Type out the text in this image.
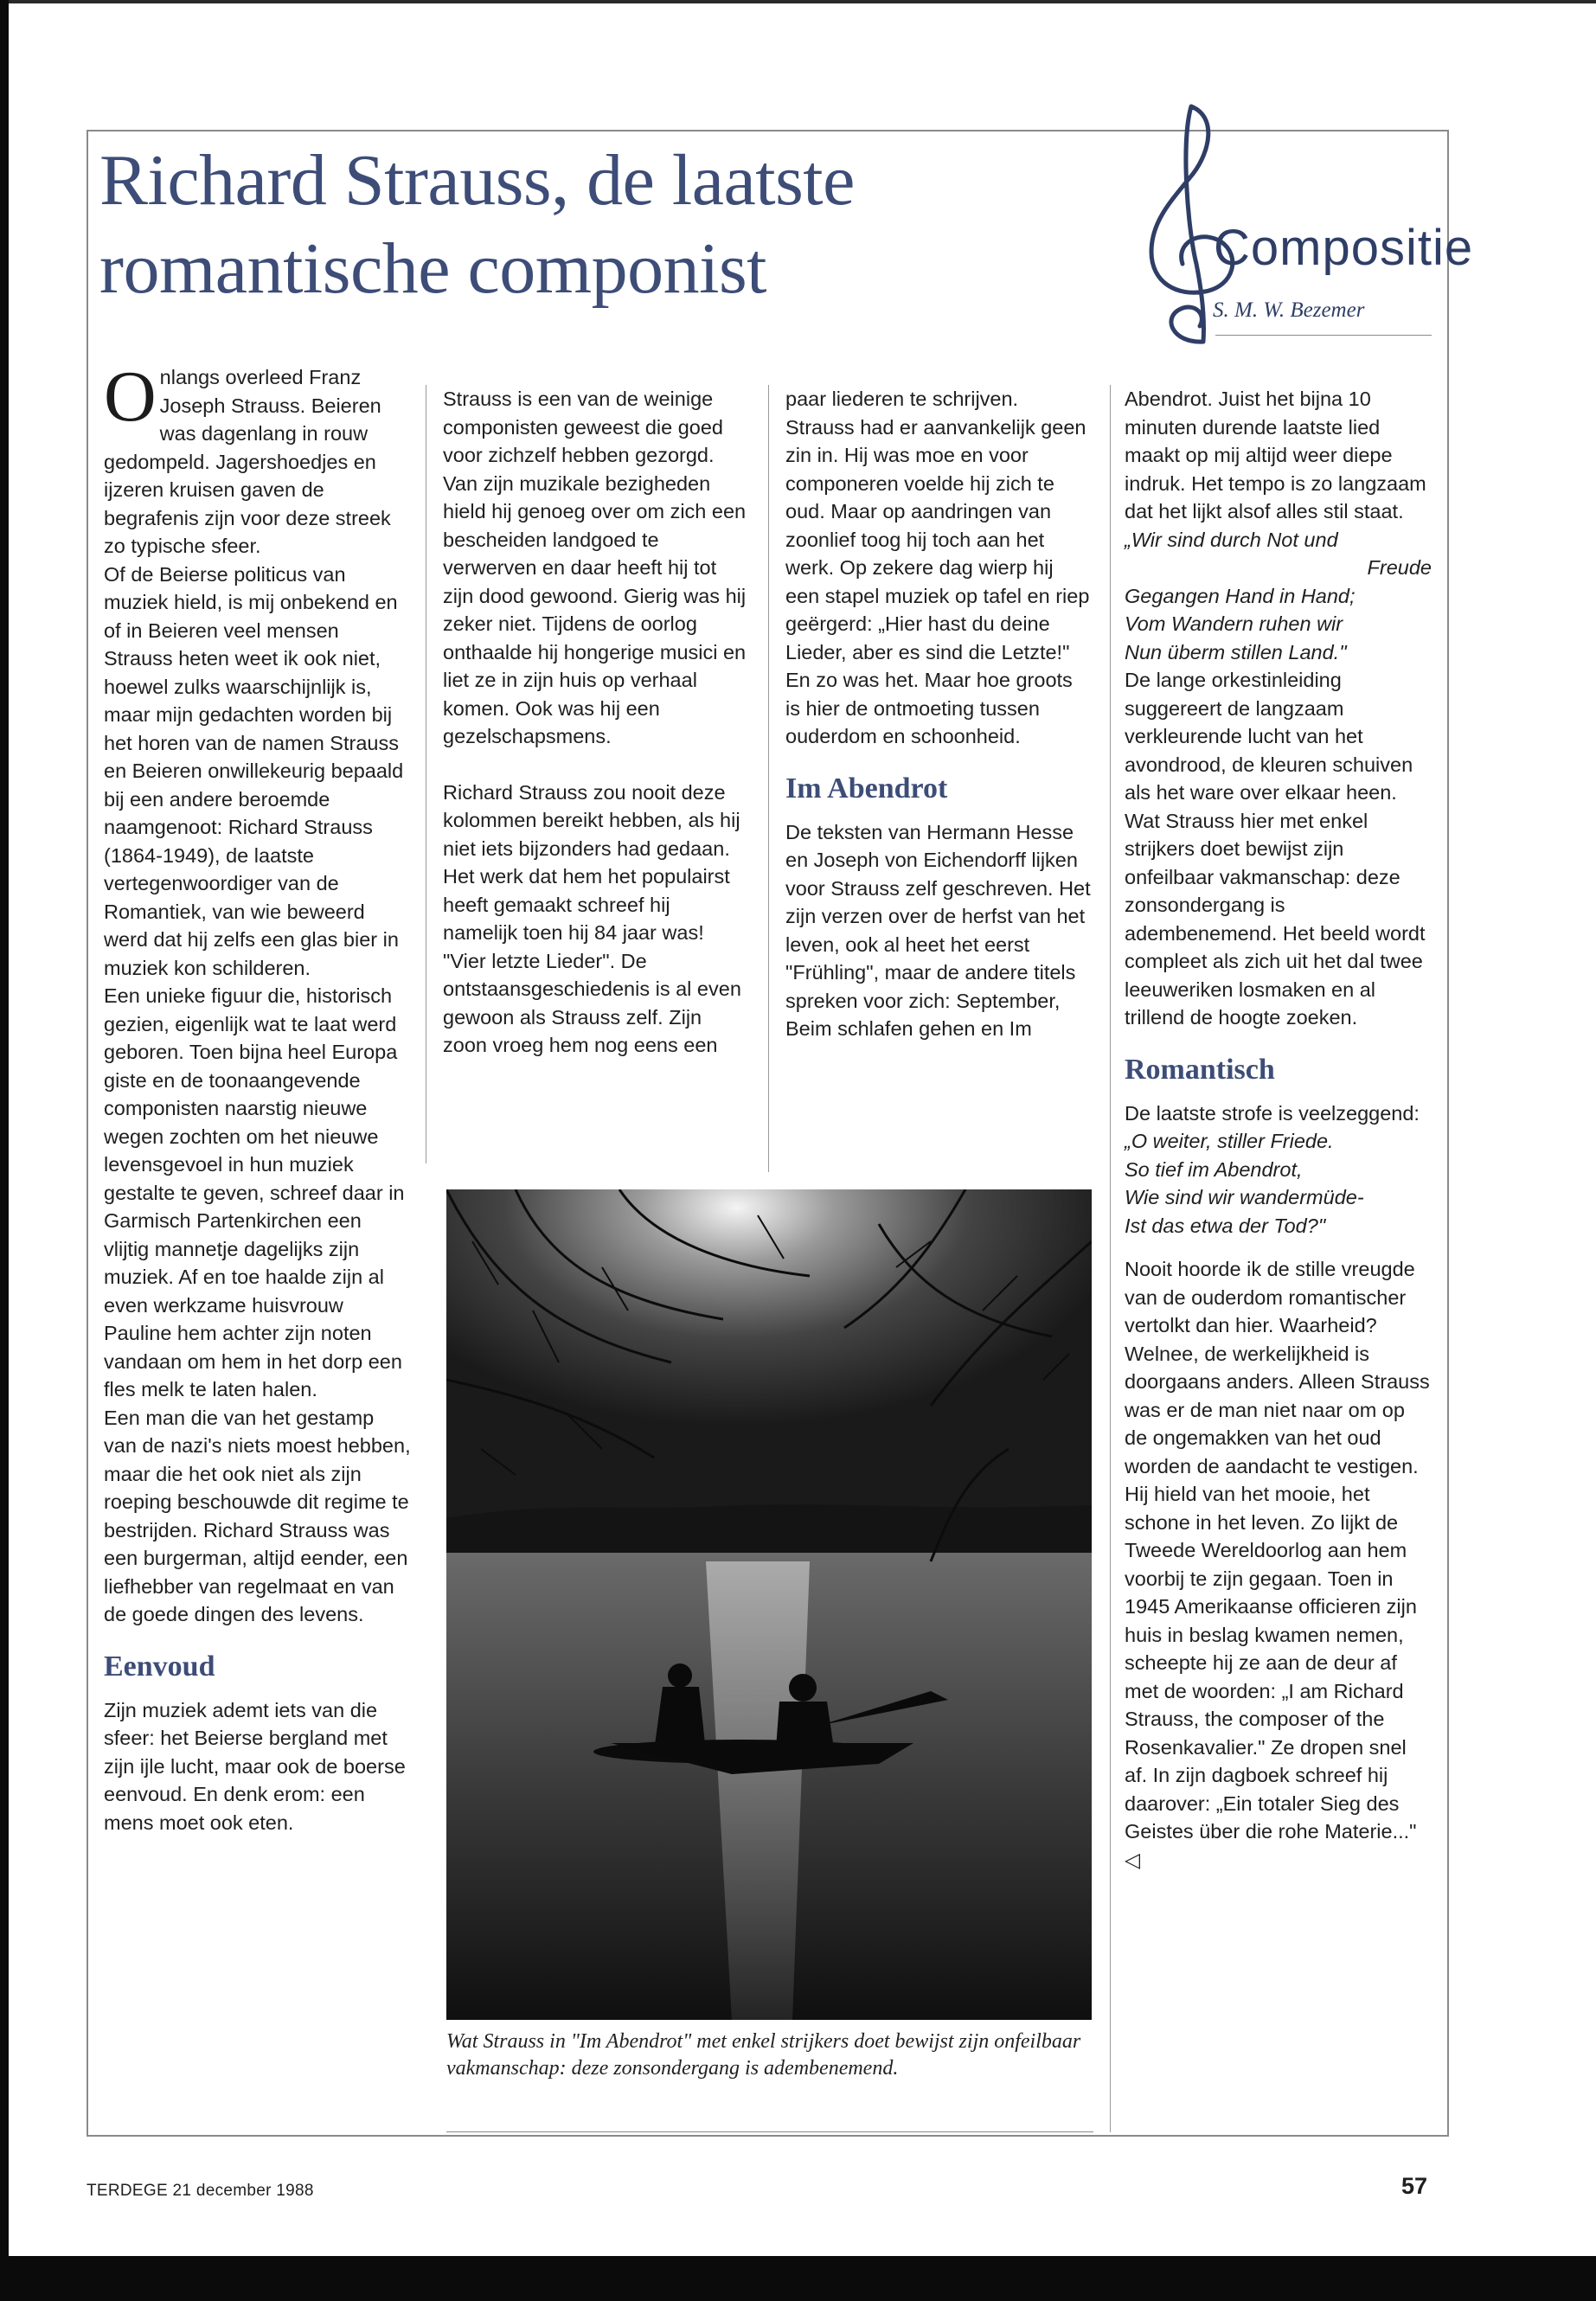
Richard Strauss, de laatste
romantische componist	Compositie
S. M. W. Bezemer

Onlangs overleed Franz Joseph Strauss. Beieren was dagenlang in rouw gedompeld. Jagershoedjes en ijzeren kruisen gaven de begrafenis zijn voor deze streek zo typische sfeer.

Of de Beierse politicus van muziek hield, is mij onbekend en of in Beieren veel mensen Strauss heten weet ik ook niet, hoewel zulks waarschijnlijk is, maar mijn gedachten worden bij het horen van de namen Strauss en Beieren onwillekeurig bepaald bij een andere beroemde naamgenoot: Richard Strauss (1864-1949), de laatste vertegenwoordiger van de Romantiek, van wie beweerd werd dat hij zelfs een glas bier in muziek kon schilderen.

Een unieke figuur die, historisch gezien, eigenlijk wat te laat werd geboren. Toen bijna heel Europa giste en de toonaangevende componisten naarstig nieuwe wegen zochten om het nieuwe levensgevoel in hun muziek gestalte te geven, schreef daar in Garmisch Partenkirchen een vlijtig mannetje dagelijks zijn muziek. Af en toe haalde zijn al even werkzame huisvrouw Pauline hem achter zijn noten vandaan om hem in het dorp een fles melk te laten halen.

Een man die van het gestamp van de nazi's niets moest hebben, maar die het ook niet als zijn roeping beschouwde dit regime te bestrijden. Richard Strauss was een burgerman, altijd eender, een liefhebber van regelmaat en van de goede dingen des levens.

Eenvoud

Zijn muziek ademt iets van die sfeer: het Beierse bergland met zijn ijle lucht, maar ook de boerse eenvoud. En denk erom: een mens moet ook eten.

Strauss is een van de weinige componisten geweest die goed voor zichzelf hebben gezorgd. Van zijn muzikale bezigheden hield hij genoeg over om zich een bescheiden landgoed te verwerven en daar heeft hij tot zijn dood gewoond. Gierig was hij zeker niet. Tijdens de oorlog onthaalde hij hongerige musici en liet ze in zijn huis op verhaal komen. Ook was hij een gezelschapsmens.

Richard Strauss zou nooit deze kolommen bereikt hebben, als hij niet iets bijzonders had gedaan. Het werk dat hem het populairst heeft gemaakt schreef hij namelijk toen hij 84 jaar was! "Vier letzte Lieder". De ontstaansgeschiedenis is al even gewoon als Strauss zelf. Zijn zoon vroeg hem nog eens een

paar liederen te schrijven. Strauss had er aanvankelijk geen zin in. Hij was moe en voor componeren voelde hij zich te oud. Maar op aandringen van zoonlief toog hij toch aan het werk. Op zekere dag wierp hij een stapel muziek op tafel en riep geërgerd: „Hier hast du deine Lieder, aber es sind die Letzte!" En zo was het. Maar hoe groots is hier de ontmoeting tussen ouderdom en schoonheid.

Im Abendrot

De teksten van Hermann Hesse en Joseph von Eichendorff lijken voor Strauss zelf geschreven. Het zijn verzen over de herfst van het leven, ook al heet het eerst "Frühling", maar de andere titels spreken voor zich: September, Beim schlafen gehen en Im

Abendrot. Juist het bijna 10 minuten durende laatste lied maakt op mij altijd weer diepe indruk. Het tempo is zo langzaam dat het lijkt alsof alles stil staat.

„Wir sind durch Not und
Freude
Gegangen Hand in Hand;
Vom Wandern ruhen wir
Nun überm stillen Land."

De lange orkestinleiding suggereert de langzaam verkleurende lucht van het avondrood, de kleuren schuiven als het ware over elkaar heen. Wat Strauss hier met enkel strijkers doet bewijst zijn onfeilbaar vakmanschap: deze zonsondergang is adembenemend. Het beeld wordt compleet als zich uit het dal twee leeuweriken losmaken en al trillend de hoogte zoeken.

Romantisch

De laatste strofe is veelzeggend:

„O weiter, stiller Friede.
So tief im Abendrot,
Wie sind wir wandermüde-
Ist das etwa der Tod?"

Nooit hoorde ik de stille vreugde van de ouderdom romantischer vertolkt dan hier. Waarheid? Welnee, de werkelijkheid is doorgaans anders. Alleen Strauss was er de man niet naar om op de ongemakken van het oud worden de aandacht te vestigen. Hij hield van het mooie, het schone in het leven. Zo lijkt de Tweede Wereldoorlog aan hem voorbij te zijn gegaan. Toen in 1945 Amerikaanse officieren zijn huis in beslag kwamen nemen, scheepte hij ze aan de deur af met de woorden: „I am Richard Strauss, the composer of the Rosenkavalier." Ze dropen snel af. In zijn dagboek schreef hij daarover: „Ein totaler Sieg des Geistes über die rohe Materie..." ◁

Wat Strauss in "Im Abendrot" met enkel strijkers doet bewijst zijn onfeilbaar vakmanschap: deze zonsondergang is adembenemend.
TERDEGE 21 december 1988	57
